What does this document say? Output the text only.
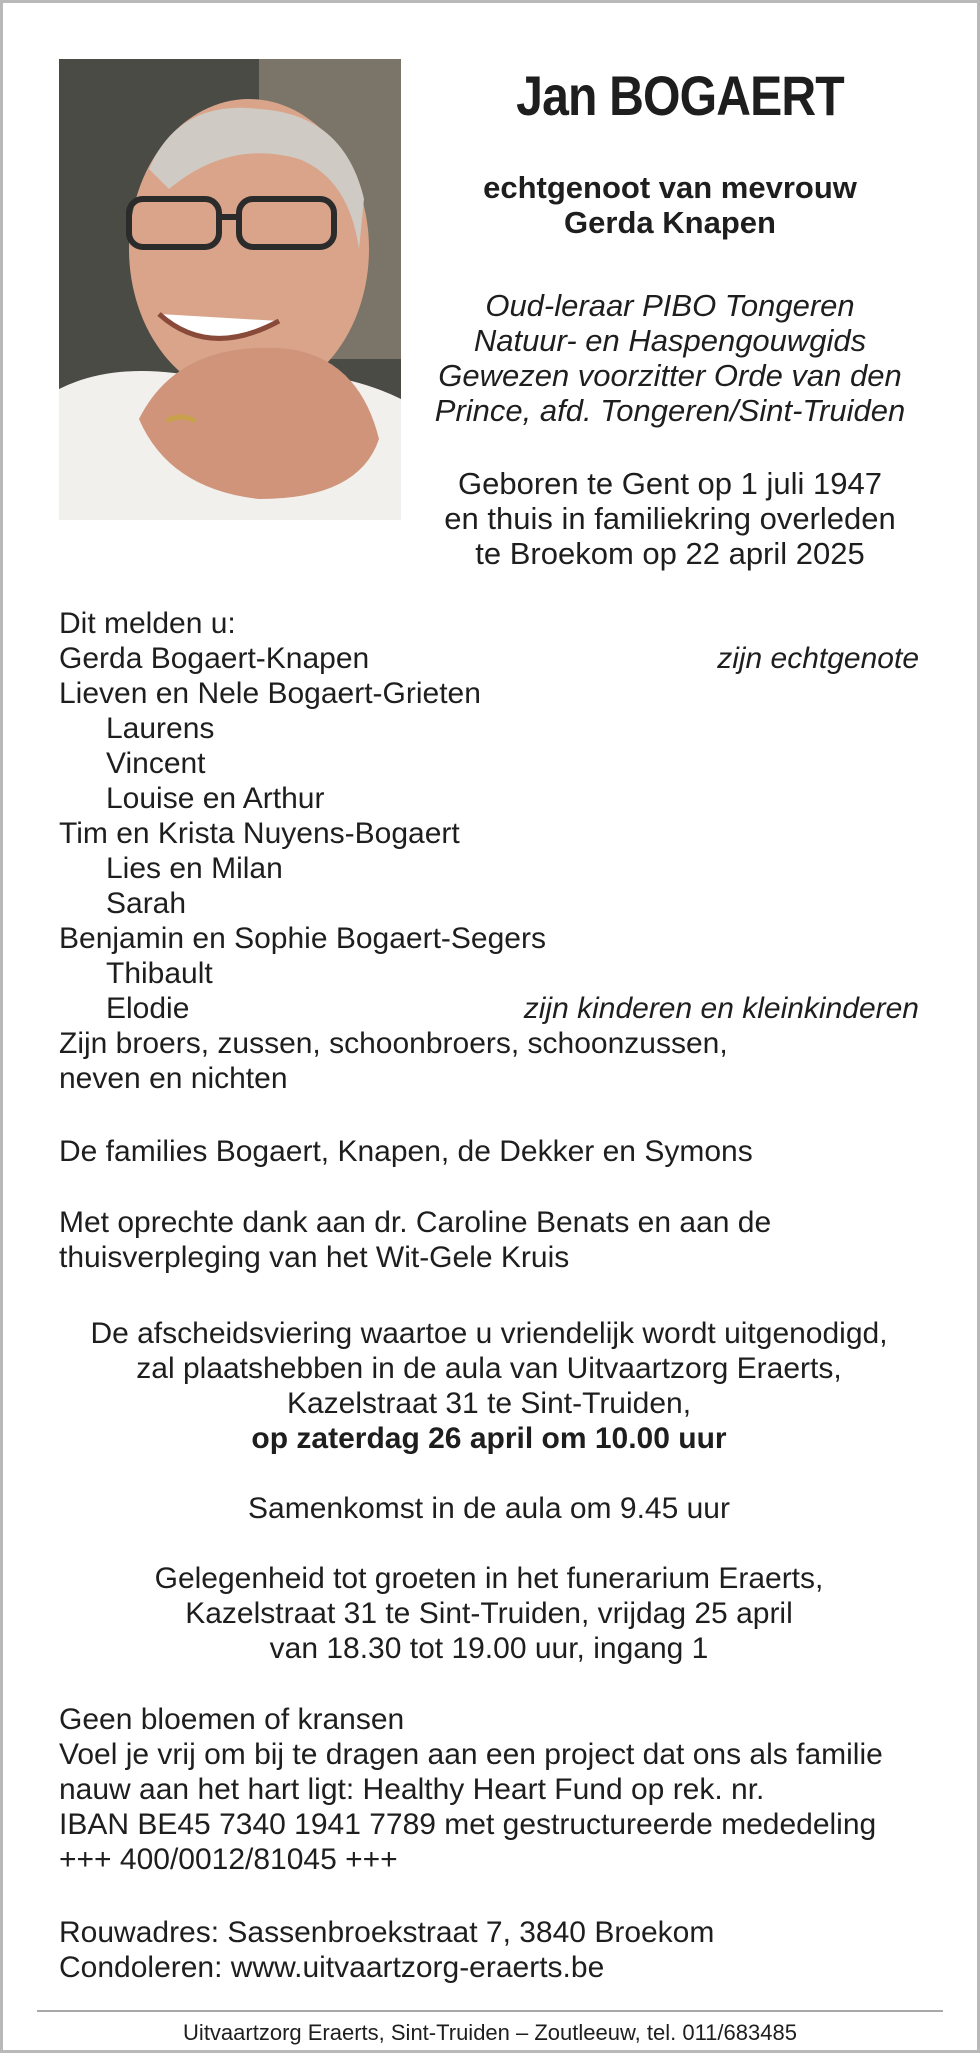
Jan BOGAERT
echtgenoot van mevrouw
Gerda Knapen
Oud-leraar PIBO Tongeren
Natuur- en Haspengouwgids
Gewezen voorzitter Orde van den
Prince, afd. Tongeren/Sint-Truiden
Geboren te Gent op 1 juli 1947
en thuis in familiekring overleden
te Broekom op 22 april 2025
Dit melden u:
Gerda Bogaert-Knapen	zijn echtgenote
Lieven en Nele Bogaert-Grieten
Laurens
Vincent
Louise en Arthur
Tim en Krista Nuyens-Bogaert
Lies en Milan
Sarah
Benjamin en Sophie Bogaert-Segers
Thibault
Elodie	zijn kinderen en kleinkinderen
Zijn broers, zussen, schoonbroers, schoonzussen,
neven en nichten
De families Bogaert, Knapen, de Dekker en Symons
Met oprechte dank aan dr. Caroline Benats en aan de
thuisverpleging van het Wit-Gele Kruis
De afscheidsviering waartoe u vriendelijk wordt uitgenodigd,
zal plaatshebben in de aula van Uitvaartzorg Eraerts,
Kazelstraat 31 te Sint-Truiden,
op zaterdag 26 april om 10.00 uur
Samenkomst in de aula om 9.45 uur
Gelegenheid tot groeten in het funerarium Eraerts,
Kazelstraat 31 te Sint-Truiden, vrijdag 25 april
van 18.30 tot 19.00 uur, ingang 1
Geen bloemen of kransen
Voel je vrij om bij te dragen aan een project dat ons als familie
nauw aan het hart ligt: Healthy Heart Fund op rek. nr.
IBAN BE45 7340 1941 7789 met gestructureerde mededeling
+++ 400/0012/81045 +++
Rouwadres: Sassenbroekstraat 7, 3840 Broekom
Condoleren: www.uitvaartzorg-eraerts.be
Uitvaartzorg Eraerts, Sint-Truiden – Zoutleeuw, tel. 011/683485
